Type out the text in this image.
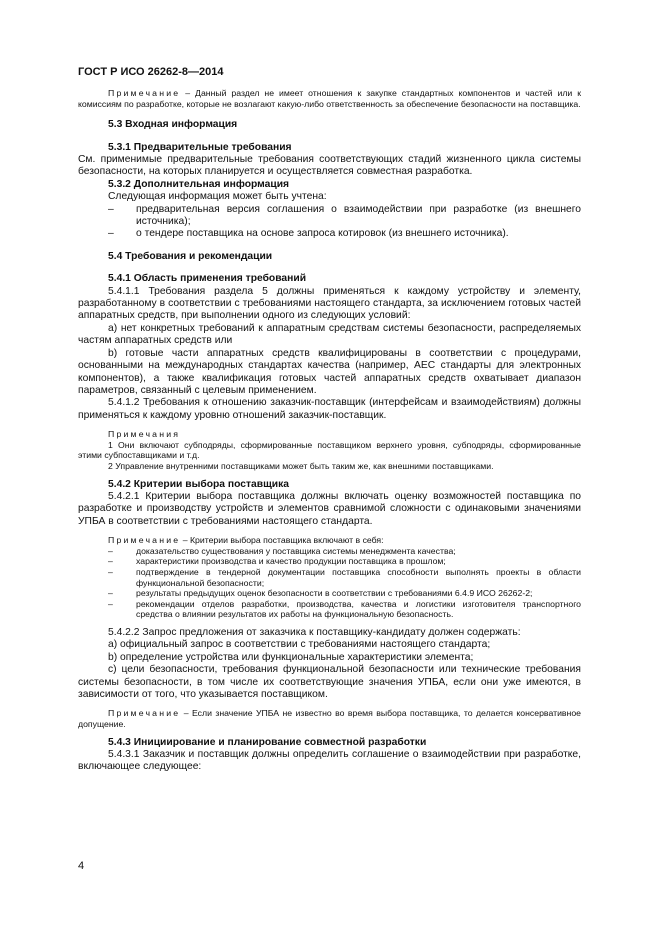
ГОСТ Р ИСО 26262-8—2014

Примечание – Данный раздел не имеет отношения к закупке стандартных компонентов и частей или к комиссиям по разработке, которые не возлагают какую-либо ответственность за обеспечение безопасности на поставщика.

5.3 Входная информация

5.3.1 Предварительные требования

См. применимые предварительные требования соответствующих стадий жизненного цикла системы безопасности, на которых планируется и осуществляется совместная разработка.

5.3.2 Дополнительная информация

Следующая информация может быть учтена:

– предварительная версия соглашения о взаимодействии при разработке (из внешнего источника);

– о тендере поставщика на основе запроса котировок (из внешнего источника).

5.4 Требования и рекомендации

5.4.1 Область применения требований

5.4.1.1 Требования раздела 5 должны применяться к каждому устройству и элементу, разработанному в соответствии с требованиями настоящего стандарта, за исключением готовых частей аппаратных средств, при выполнении одного из следующих условий:

а) нет конкретных требований к аппаратным средствам системы безопасности, распределяемых частям аппаратных средств или

b) готовые части аппаратных средств квалифицированы в соответствии с процедурами, основанными на международных стандартах качества (например, АЕС стандарты для электронных компонентов), а также квалификация готовых частей аппаратных средств охватывает диапазон параметров, связанный с целевым применением.

5.4.1.2 Требования к отношению заказчик-поставщик (интерфейсам и взаимодействиям) должны применяться к каждому уровню отношений заказчик-поставщик.

Примечания

1 Они включают субподряды, сформированные поставщиком верхнего уровня, субподряды, сформированные этими субпоставщиками и т.д.

2 Управление внутренними поставщиками может быть таким же, как внешними поставщиками.

5.4.2 Критерии выбора поставщика

5.4.2.1 Критерии выбора поставщика должны включать оценку возможностей поставщика по разработке и производству устройств и элементов сравнимой сложности с одинаковыми значениями УПБА в соответствии с требованиями настоящего стандарта.

Примечание – Критерии выбора поставщика включают в себя:

–	доказательство существования у поставщика системы менеджмента качества;

–	характеристики производства и качество продукции поставщика в прошлом;

–	подтверждение в тендерной документации поставщика способности выполнять проекты в области функциональной безопасности;

–	результаты предыдущих оценок безопасности в соответствии с требованиями 6.4.9 ИСО 26262-2;

–	рекомендации отделов разработки, производства, качества и логистики изготовителя транспортного средства о влиянии результатов их работы на функциональную безопасность.

5.4.2.2 Запрос предложения от заказчика к поставщику-кандидату должен содержать:

а) официальный запрос в соответствии с требованиями настоящего стандарта;

b) определение устройства или функциональные характеристики элемента;

c) цели безопасности, требования функциональной безопасности или технические требования системы безопасности, в том числе их соответствующие значения УПБА, если они уже имеются, в зависимости от того, что указывается поставщиком.

Примечание – Если значение УПБА не известно во время выбора поставщика, то делается консервативное допущение.

5.4.3 Инициирование и планирование совместной разработки

5.4.3.1 Заказчик и поставщик должны определить соглашение о взаимодействии при разработке, включающее следующее:

4
